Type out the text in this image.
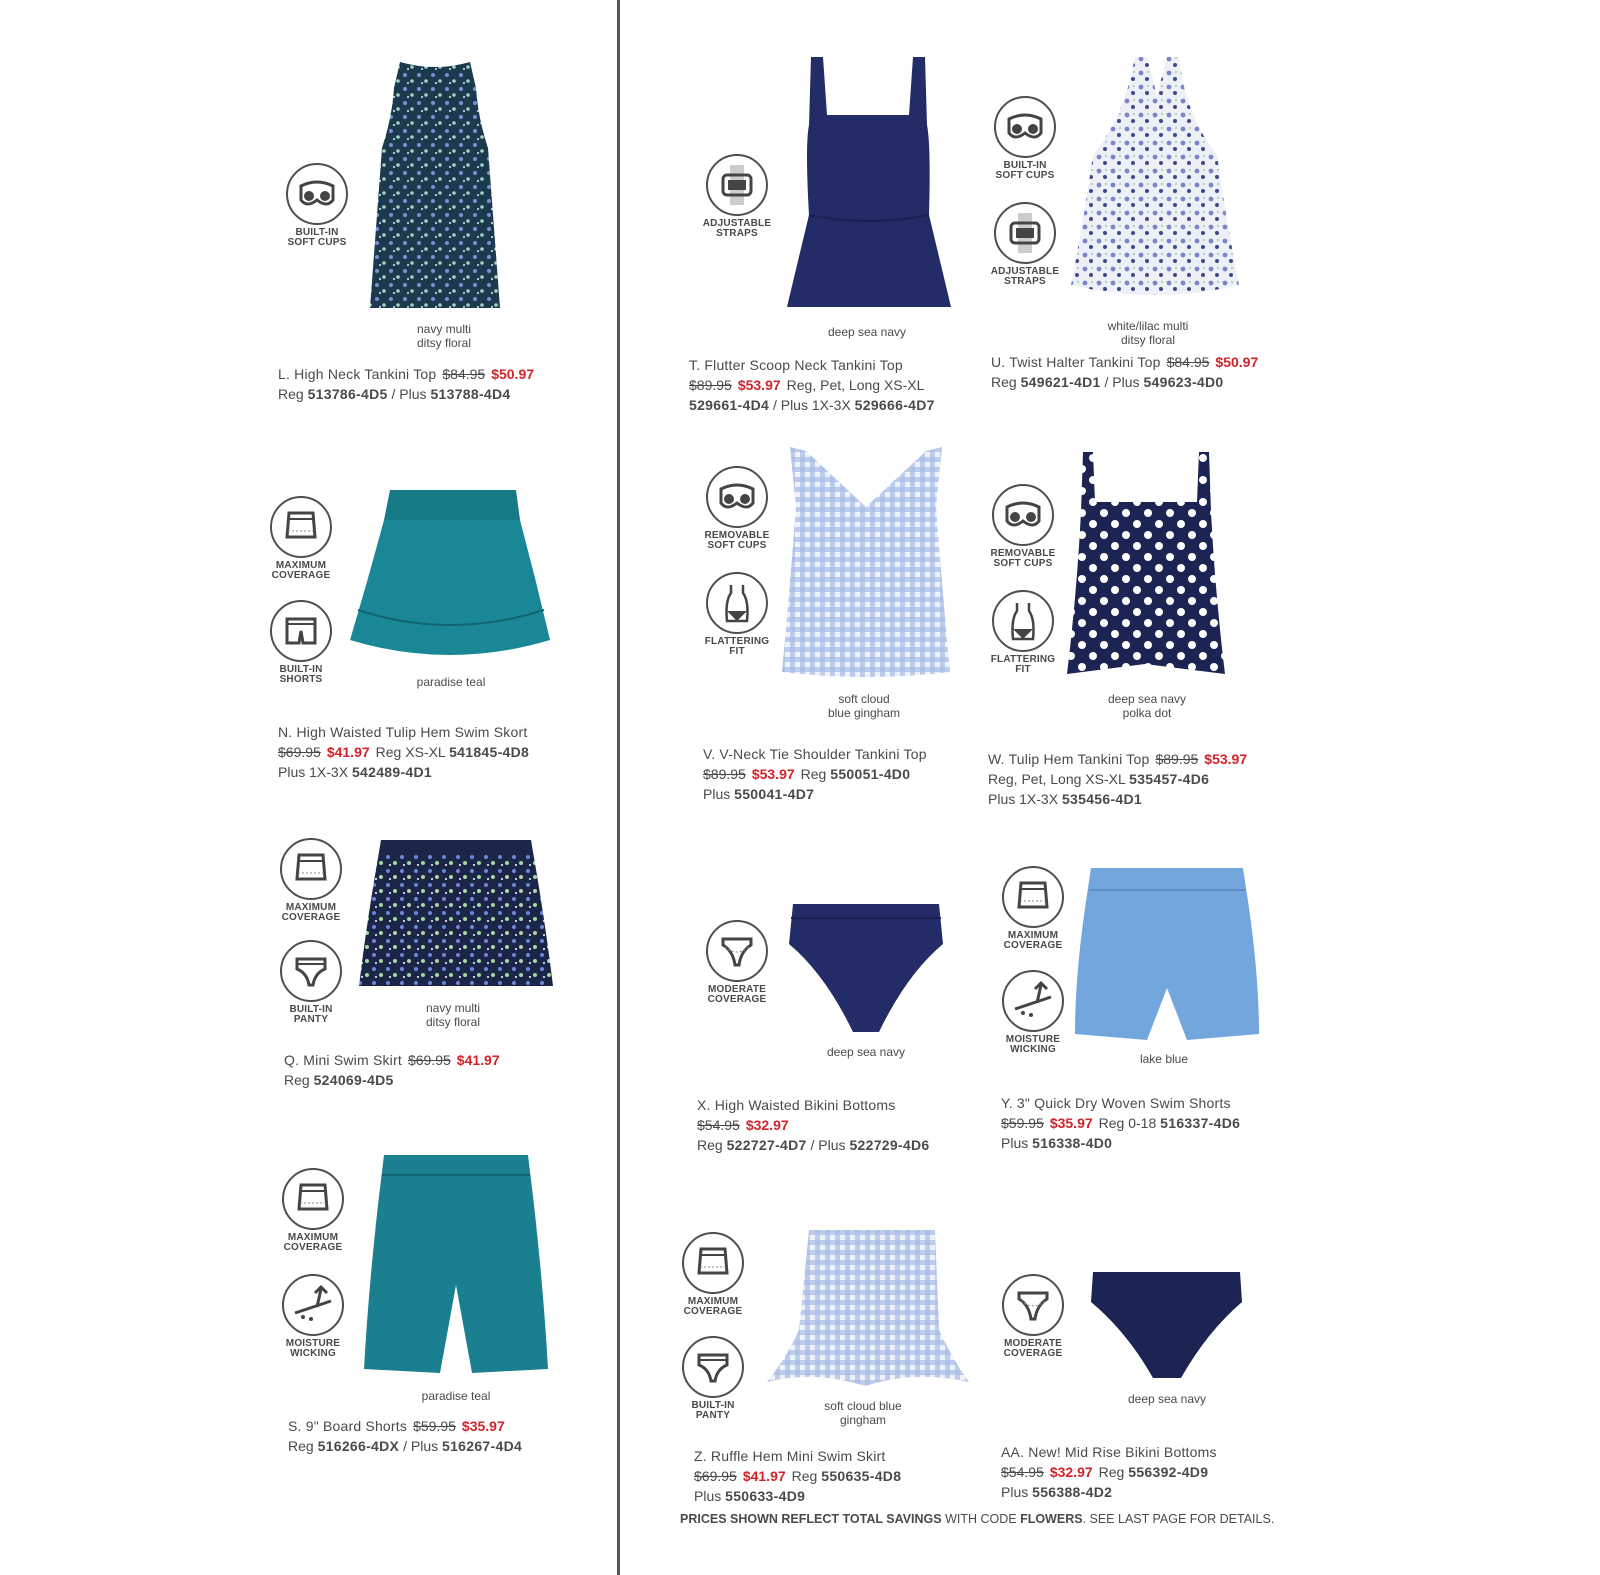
BUILT-IN
SOFT CUPS
navy multi
ditsy floral
L. High Neck Tankini Top $84.95 $50.97
Reg 513786-4D5 / Plus 513788-4D4
ADJUSTABLE
STRAPS
deep sea navy
T. Flutter Scoop Neck Tankini Top
$89.95 $53.97 Reg, Pet, Long XS-XL
529661-4D4 / Plus 1X-3X 529666-4D7
BUILT-IN
SOFT CUPS
ADJUSTABLE
STRAPS
white/lilac multi
ditsy floral
U. Twist Halter Tankini Top $84.95 $50.97
Reg 549621-4D1 / Plus 549623-4D0
MAXIMUM
COVERAGE
BUILT-IN
SHORTS	paradise teal
N. High Waisted Tulip Hem Swim Skort
$69.95 $41.97 Reg XS-XL 541845-4D8
Plus 1X-3X 542489-4D1
REMOVABLE
SOFT CUPS
FLATTERING
FIT
soft cloud
blue gingham
V. V-Neck Tie Shoulder Tankini Top
$89.95 $53.97 Reg 550051-4D0
Plus 550041-4D7
REMOVABLE
SOFT CUPS
FLATTERING
FIT
deep sea navy
polka dot
W. Tulip Hem Tankini Top $89.95 $53.97
Reg, Pet, Long XS-XL 535457-4D6
Plus 1X-3X 535456-4D1
MAXIMUM
COVERAGE
BUILT-IN
PANTY
navy multi
ditsy floral
Q. Mini Swim Skirt $69.95 $41.97
Reg 524069-4D5
MODERATE
COVERAGE
deep sea navy
X. High Waisted Bikini Bottoms
$54.95 $32.97
Reg 522727-4D7 / Plus 522729-4D6
MAXIMUM
COVERAGE
MOISTURE
WICKING
lake blue
Y. 3" Quick Dry Woven Swim Shorts
$59.95 $35.97 Reg 0-18 516337-4D6
Plus 516338-4D0
MAXIMUM
COVERAGE
MOISTURE
WICKING
paradise teal
S. 9" Board Shorts $59.95 $35.97
Reg 516266-4DX / Plus 516267-4D4
MAXIMUM
COVERAGE
BUILT-IN
PANTY
soft cloud blue
gingham
Z. Ruffle Hem Mini Swim Skirt
$69.95 $41.97 Reg 550635-4D8
Plus 550633-4D9
MODERATE
COVERAGE
deep sea navy
AA. New! Mid Rise Bikini Bottoms
$54.95 $32.97 Reg 556392-4D9
Plus 556388-4D2
PRICES SHOWN REFLECT TOTAL SAVINGS WITH CODE FLOWERS. SEE LAST PAGE FOR DETAILS.
